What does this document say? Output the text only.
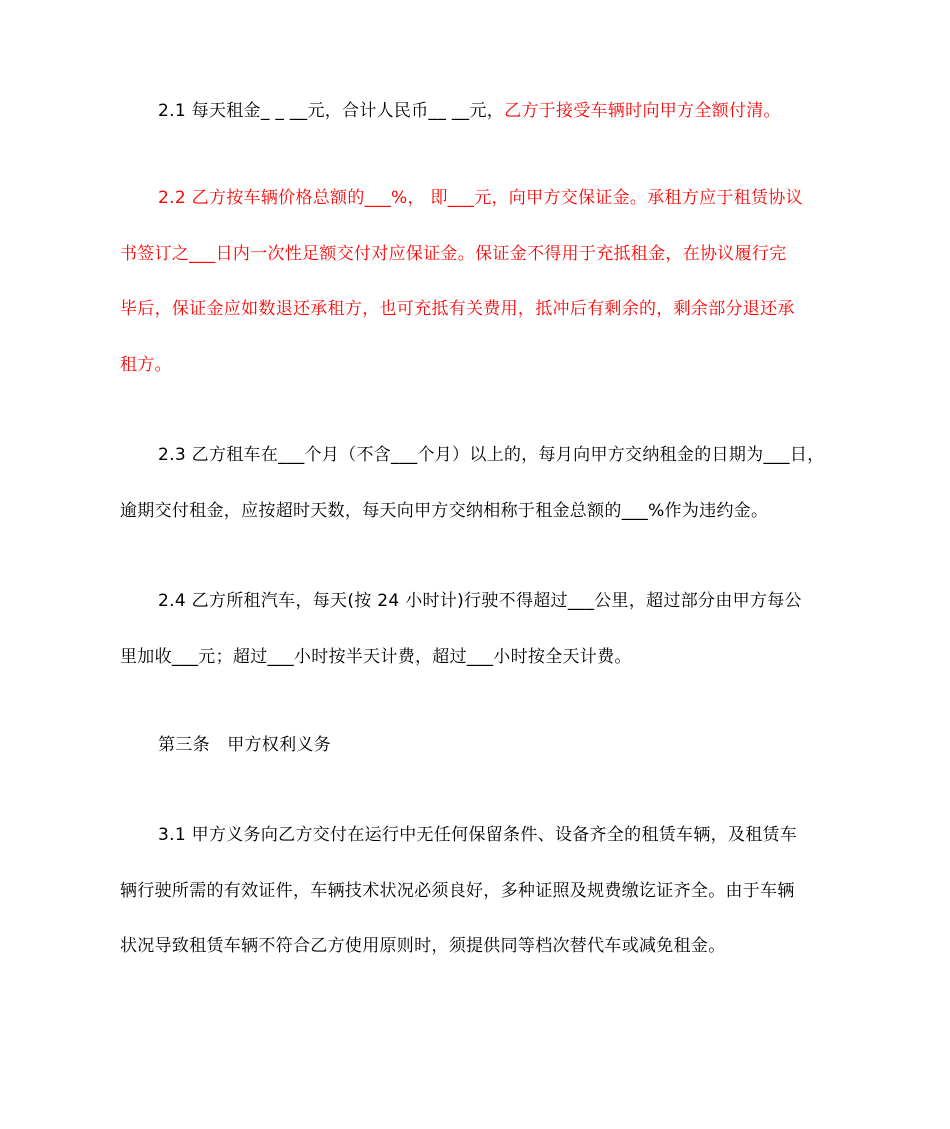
2.1 每天租金_ _ __元，合计人民币__ __元，乙方于接受车辆时向甲方全额付清。
2.2 乙方按车辆价格总额的___%， 即___元，向甲方交保证金。承租方应于租赁协议
书签订之___日内一次性足额交付对应保证金。保证金不得用于充抵租金，在协议履行完
毕后，保证金应如数退还承租方，也可充抵有关费用，抵冲后有剩余的，剩余部分退还承
租方。
2.3 乙方租车在___个月（不含___个月）以上的，每月向甲方交纳租金的日期为___日，
逾期交付租金，应按超时天数，每天向甲方交纳相称于租金总额的___%作为违约金。
2.4 乙方所租汽车，每天(按 24 小时计)行驶不得超过___公里，超过部分由甲方每公
里加收___元；超过___小时按半天计费，超过___小时按全天计费。
第三条　甲方权利义务
3.1 甲方义务向乙方交付在运行中无任何保留条件、设备齐全的租赁车辆，及租赁车
辆行驶所需的有效证件，车辆技术状况必须良好，多种证照及规费缴讫证齐全。由于车辆
状况导致租赁车辆不符合乙方使用原则时，须提供同等档次替代车或减免租金。
